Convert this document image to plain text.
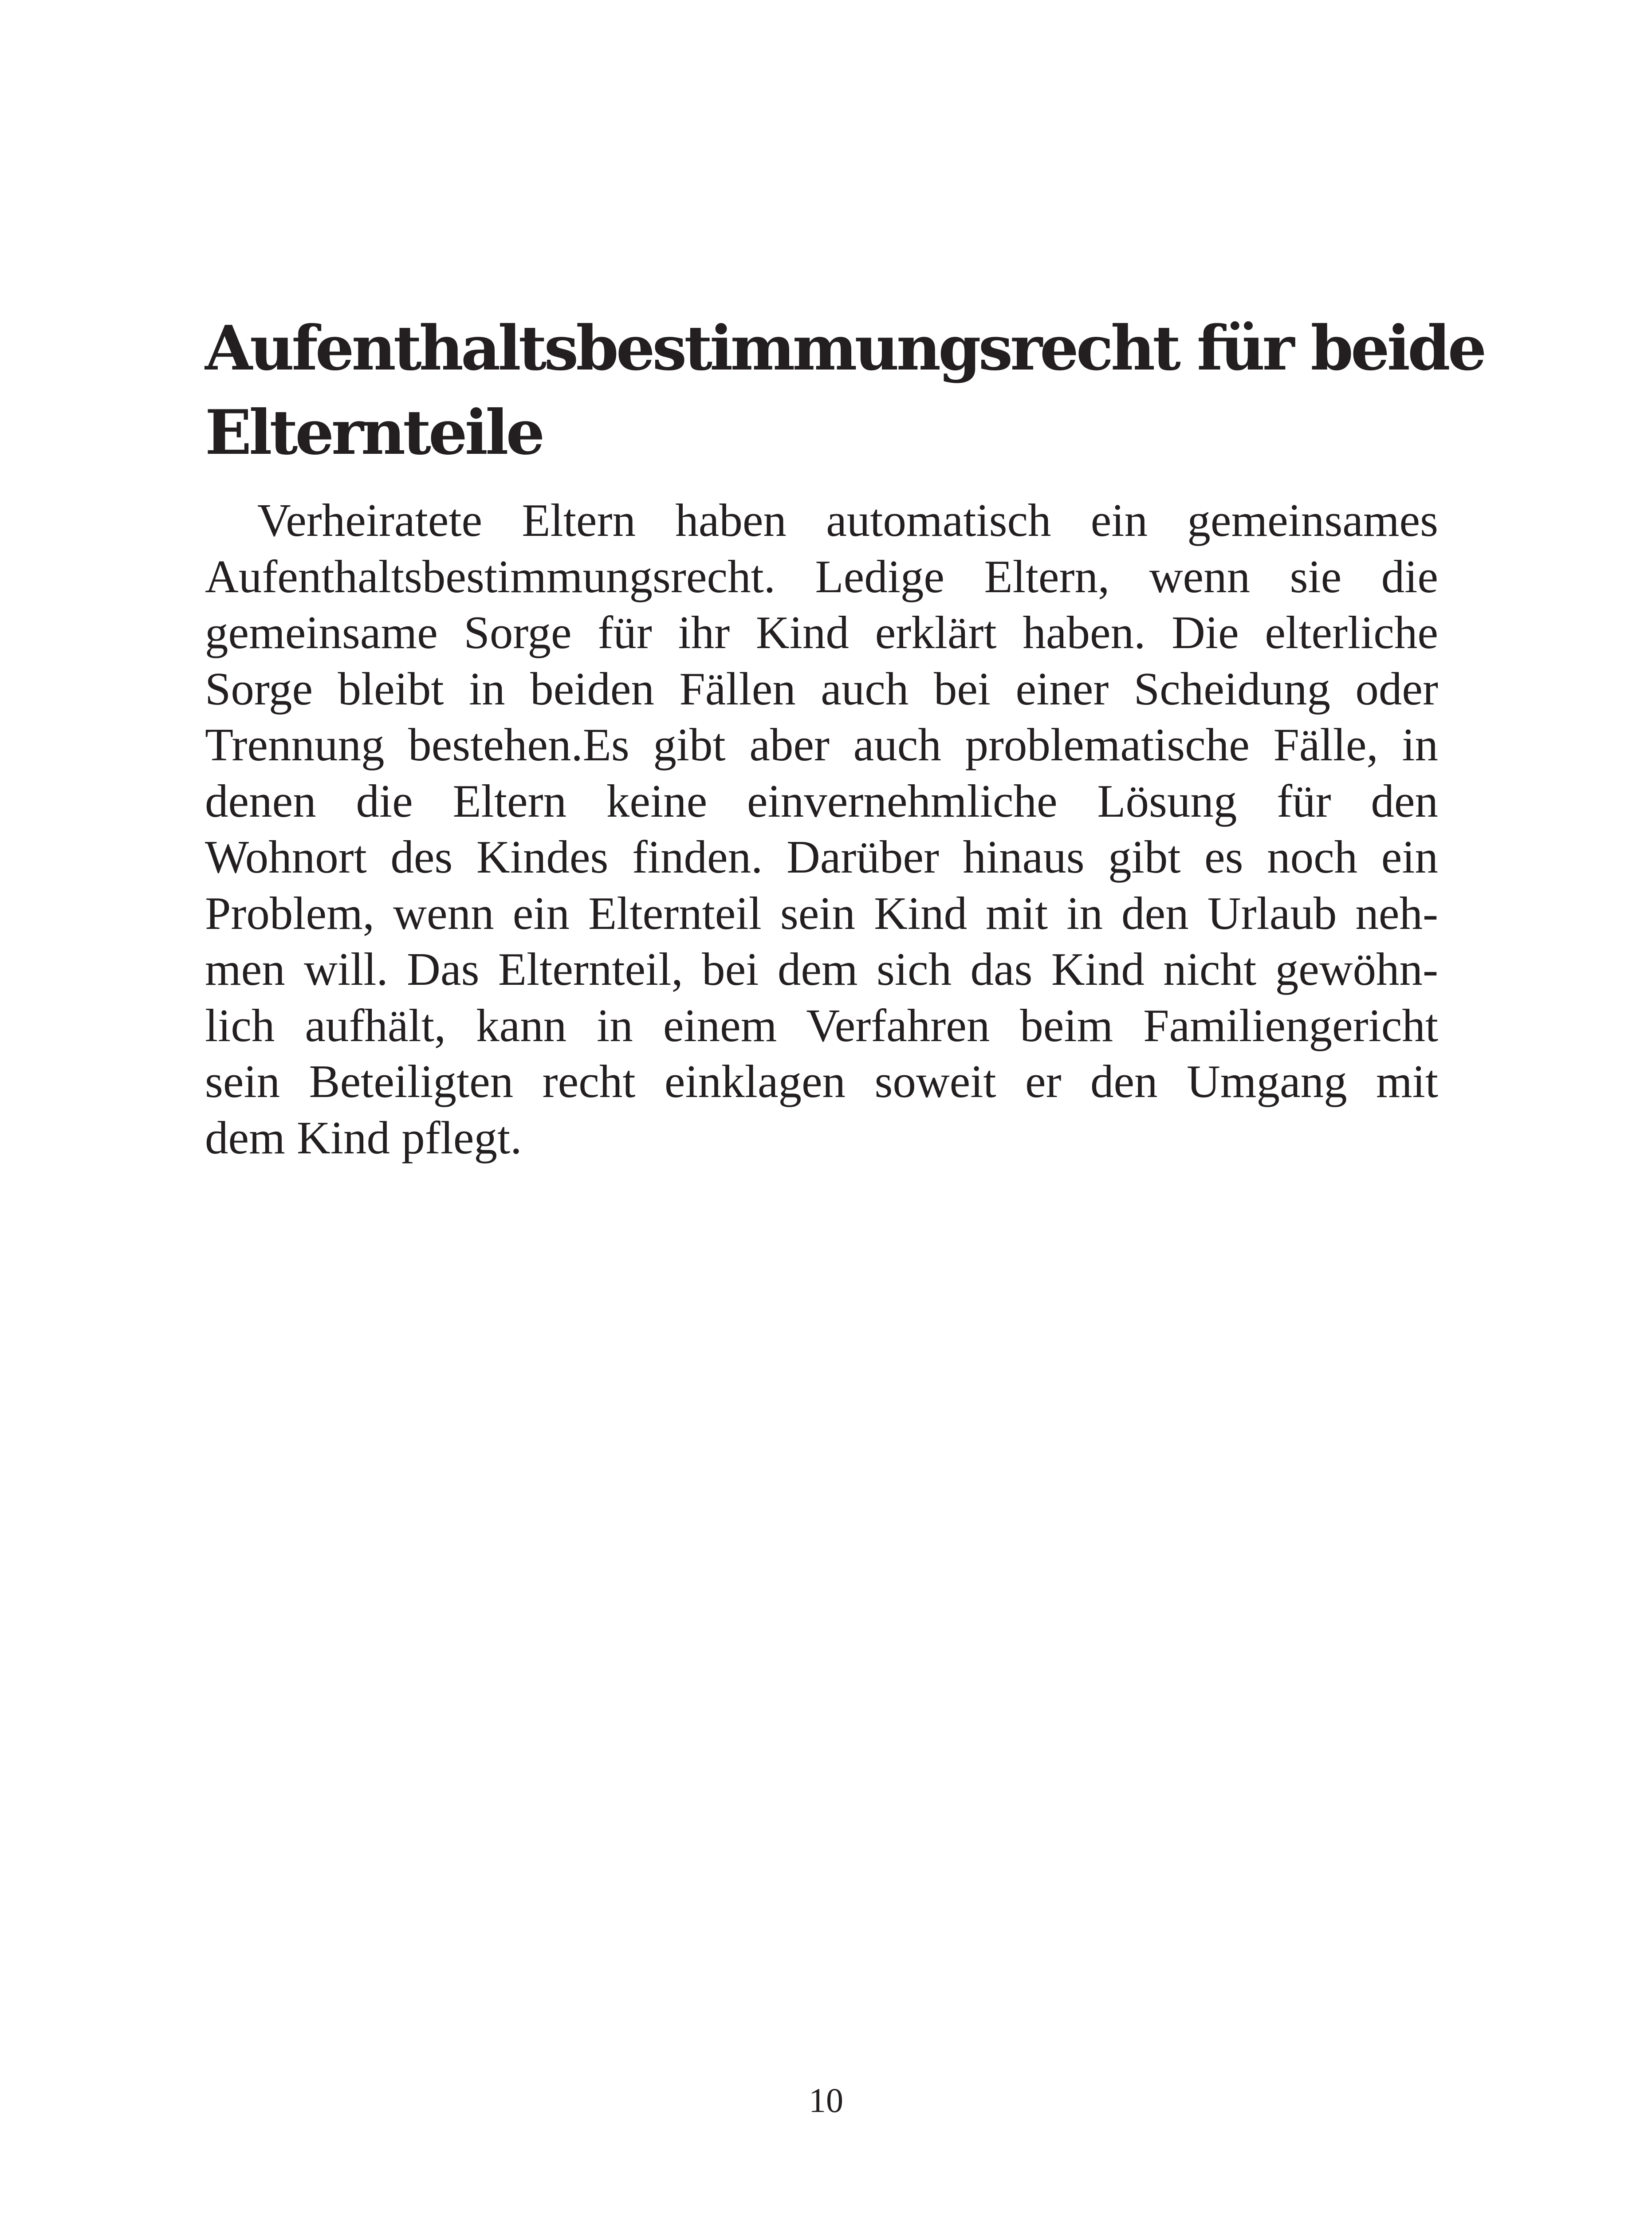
Aufenthaltsbestimmungsrecht für beide
Elternteile
Verheiratete Eltern haben automatisch ein gemeinsames
Aufenthaltsbestimmungsrecht. Ledige Eltern, wenn sie die
gemeinsame Sorge für ihr Kind erklärt haben. Die elterliche
Sorge bleibt in beiden Fällen auch bei einer Scheidung oder
Trennung bestehen.Es gibt aber auch problematische Fälle, in
denen die Eltern keine einvernehmliche Lösung für den
Wohnort des Kindes finden. Darüber hinaus gibt es noch ein
Problem, wenn ein Elternteil sein Kind mit in den Urlaub neh-
men will. Das Elternteil, bei dem sich das Kind nicht gewöhn-
lich aufhält, kann in einem Verfahren beim Familiengericht
sein Beteiligten recht einklagen soweit er den Umgang mit
dem Kind pflegt.
10
